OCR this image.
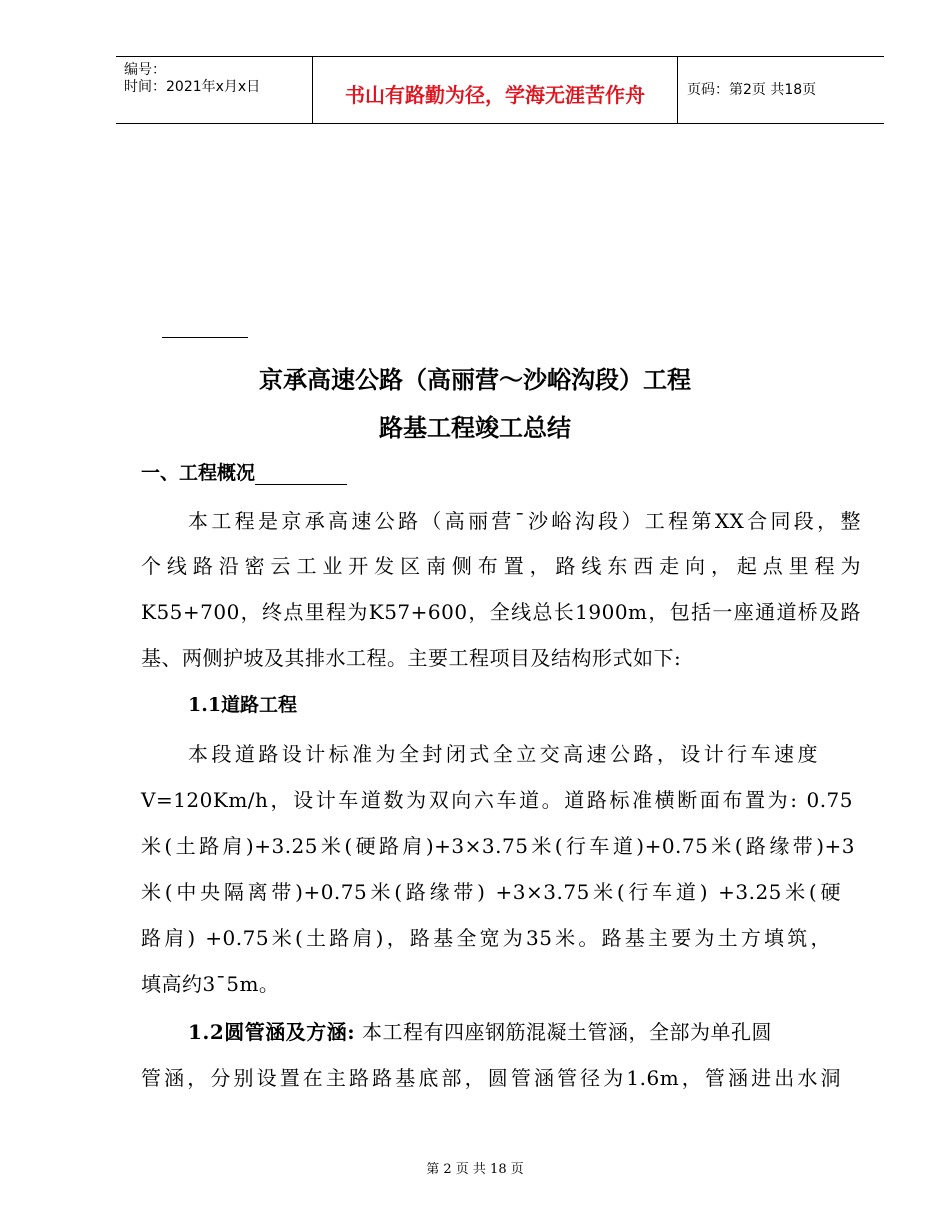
编号：
时间：2021年x月x日	书山有路勤为径，学海无涯苦作舟	页码：第2页 共18页
京承高速公路（高丽营～沙峪沟段）工程
路基工程竣工总结
一、工程概况
本工程是京承高速公路（高丽营¯沙峪沟段）工程第XX合同段，整
个线路沿密云工业开发区南侧布置，路线东西走向，起点里程为
K55+700，终点里程为K57+600，全线总长1900m，包括一座通道桥及路
基、两侧护坡及其排水工程。主要工程项目及结构形式如下:
1.1道路工程
本段道路设计标准为全封闭式全立交高速公路，设计行车速度
V=120Km/h，设计车道数为双向六车道。道路标准横断面布置为: 0.75
米(土路肩)+3.25米(硬路肩)+3×3.75米(行车道)+0.75米(路缘带)+3
米(中央隔离带)+0.75米(路缘带) +3×3.75米(行车道) +3.25米(硬
路肩) +0.75米(土路肩)，路基全宽为35米。路基主要为土方填筑，
填高约3¯5m。
1.2圆管涵及方涵: 本工程有四座钢筋混凝土管涵，全部为单孔圆
管涵，分别设置在主路路基底部，圆管涵管径为1.6m，管涵进出水洞
第 2 页 共 18 页
